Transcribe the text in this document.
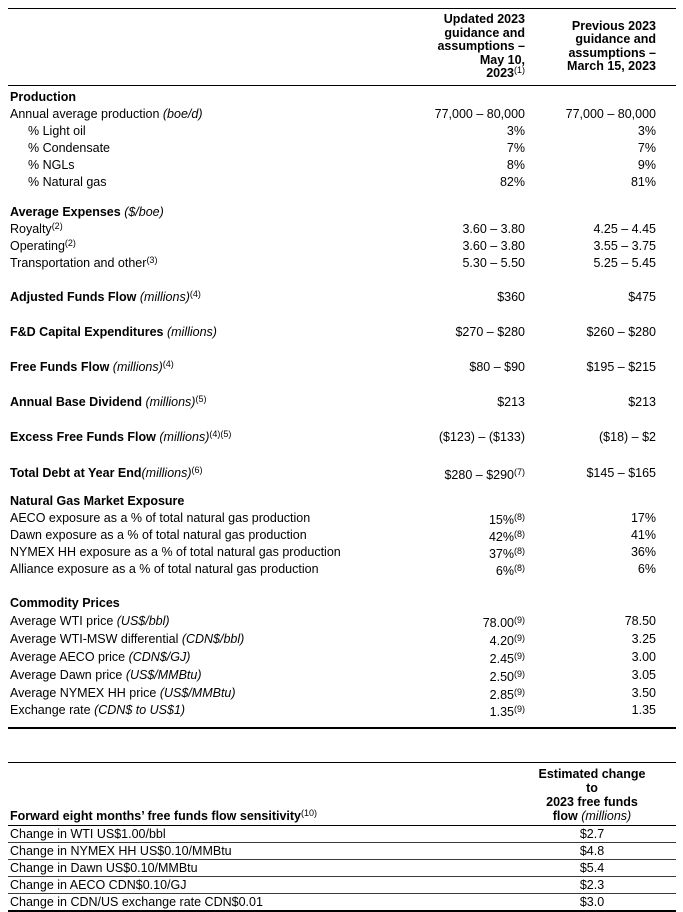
	Updated 2023
guidance and
assumptions –
May 10,
2023$^{(1)}$	Previous 2023
guidance and
assumptions –
March 15, 2023
Production		
Annual average production (boe/d)	77,000 – 80,000	77,000 – 80,000
% Light oil	3%	3%
% Condensate	7%	7%
% NGLs	8%	9%
% Natural gas	82%	81%

Average Expenses ($/boe)		
Royalty$^{(2)}$	3.60 – 3.80	4.25 – 4.45
Operating$^{(2)}$	3.60 – 3.80	3.55 – 3.75
Transportation and other$^{(3)}$	5.30 – 5.50	5.25 – 5.45

Adjusted Funds Flow (millions)$^{(4)}$	$360	$475

F&D Capital Expenditures (millions)	$270 – $280	$260 – $280

Free Funds Flow (millions)$^{(4)}$	$80 – $90	$195 – $215

Annual Base Dividend (millions)$^{(5)}$	$213	$213

Excess Free Funds Flow (millions)$^{(4)(5)}$	($123) – ($133)	($18) – $2

Total Debt at Year End(millions)$^{(6)}$	$280 – $290$^{(7)}$	$145 – $165

Natural Gas Market Exposure		
AECO exposure as a % of total natural gas production	15%$^{(8)}$	17%
Dawn exposure as a % of total natural gas production	42%$^{(8)}$	41%
NYMEX HH exposure as a % of total natural gas production	37%$^{(8)}$	36%
Alliance exposure as a % of total natural gas production	6%$^{(8)}$	6%

Commodity Prices		
Average WTI price (US$/bbl)	78.00$^{(9)}$	78.50
Average WTI-MSW differential (CDN$/bbl)	4.20$^{(9)}$	3.25
Average AECO price (CDN$/GJ)	2.45$^{(9)}$	3.00
Average Dawn price (US$/MMBtu)	2.50$^{(9)}$	3.05
Average NYMEX HH price (US$/MMBtu)	2.85$^{(9)}$	3.50
Exchange rate (CDN$ to US$1)	1.35$^{(9)}$	1.35
Forward eight months’ free funds flow sensitivity$^{(10)}$	Estimated change
to
2023 free funds
flow (millions)
Change in WTI US$1.00/bbl	$2.7
Change in NYMEX HH US$0.10/MMBtu	$4.8
Change in Dawn US$0.10/MMBtu	$5.4
Change in AECO CDN$0.10/GJ	$2.3
Change in CDN/US exchange rate CDN$0.01	$3.0
